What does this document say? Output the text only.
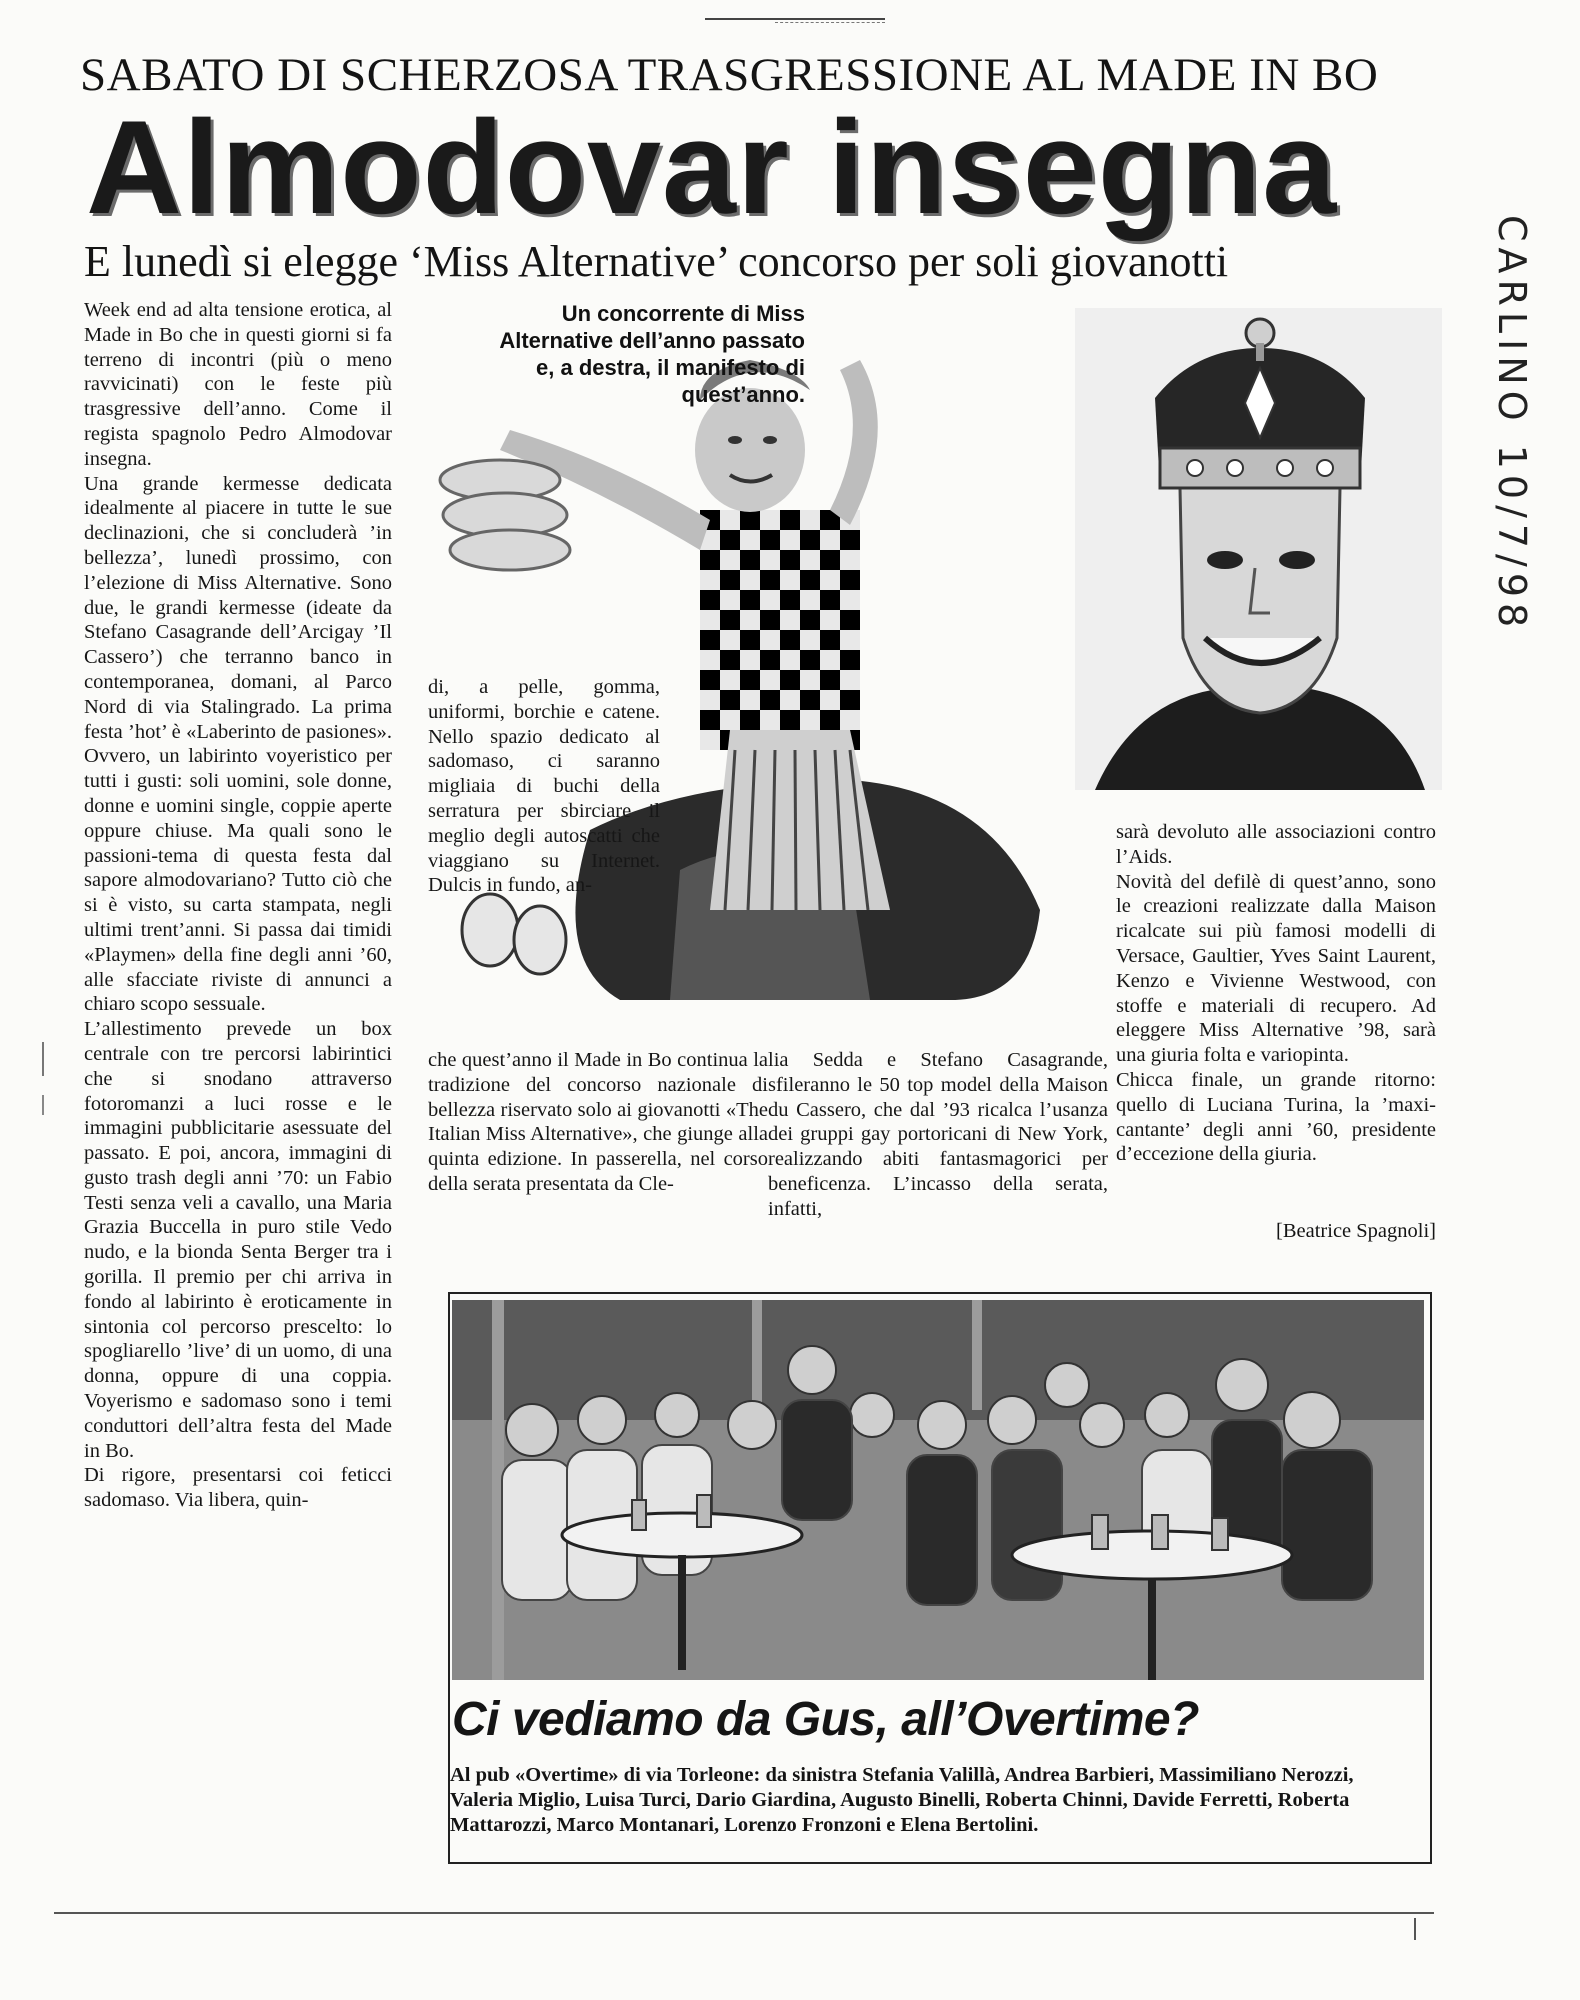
SABATO DI SCHERZOSA TRASGRESSIONE AL MADE IN BO
Almodovar insegna
E lunedì si elegge ‘Miss Alternative’ concorso per soli giovanotti	CARLINO 10/7/98

Week end ad alta tensione erotica, al Made in Bo che in questi giorni si fa terreno di incontri (più o meno ravvicinati) con le feste più trasgressive dell’anno. Come il regista spagnolo Pedro Almodovar insegna.

Una grande kermesse dedicata idealmente al piacere in tutte le sue declinazioni, che si concluderà ’in bellezza’, lunedì prossimo, con l’elezione di Miss Alternative. Sono due, le grandi kermesse (ideate da Stefano Casagrande dell’Arcigay ’Il Cassero’) che terranno banco in contemporanea, domani, al Parco Nord di via Stalingrado. La prima festa ’hot’ è «Laberinto de pasiones». Ovvero, un labirinto voyeristico per tutti i gusti: soli uomini, sole donne, donne e uomini single, coppie aperte oppure chiuse. Ma quali sono le passioni-tema di questa festa dal sapore almodovariano? Tutto ciò che si è visto, su carta stampata, negli ultimi trent’anni. Si passa dai timidi «Playmen» della fine degli anni ’60, alle sfacciate riviste di annunci a chiaro scopo sessuale.

L’allestimento prevede un box centrale con tre percorsi labirintici che si snodano attraverso fotoromanzi a luci rosse e le immagini pubblicitarie asessuate del passato. E poi, ancora, immagini di gusto trash degli anni ’70: un Fabio Testi senza veli a cavallo, una Maria Grazia Buccella in puro stile Vedo nudo, e la bionda Senta Berger tra i gorilla. Il premio per chi arriva in fondo al labirinto è eroticamente in sintonia col percorso prescelto: lo spogliarello ’live’ di un uomo, di una donna, oppure di una coppia. Voyerismo e sadomaso sono i temi conduttori dell’altra festa del Made in Bo.

Di rigore, presentarsi coi feticci sadomaso. Via libera, quin-

Un concorrente di Miss Alternative dell’anno passato e, a destra, il manifesto di quest’anno.

di, a pelle, gomma, uniformi, borchie e catene. Nello spazio dedicato al sadomaso, ci saranno migliaia di buchi della serratura per sbirciare il meglio degli autoscatti che viaggiano su Internet. Dulcis in fundo, an-

che quest’anno il Made in Bo continua la tradizione del concorso nazionale di bellezza riservato solo ai giovanotti «The Italian Miss Alternative», che giunge alla quinta edizione. In passerella, nel corso della serata presentata da Cle-

lia Sedda e Stefano Casagrande, sfileranno le 50 top model della Maison du Cassero, che dal ’93 ricalca l’usanza dei gruppi gay portoricani di New York, realizzando abiti fantasmagorici per beneficenza. L’incasso della serata, infatti,

sarà devoluto alle associazioni contro l’Aids.

Novità del defilè di quest’anno, sono le creazioni realizzate dalla Maison ricalcate sui più famosi modelli di Versace, Gaultier, Yves Saint Laurent, Kenzo e Vivienne Westwood, con stoffe e materiali di recupero. Ad eleggere Miss Alternative ’98, sarà una giuria folta e variopinta.

Chicca finale, un grande ritorno: quello di Luciana Turina, la ’maxi-cantante’ degli anni ’60, presidente d’eccezione della giuria.

[Beatrice Spagnoli]
Ci vediamo da Gus, all’Overtime?
Al pub «Overtime» di via Torleone: da sinistra Stefania Valillà, Andrea Barbieri, Massimiliano Nerozzi, Valeria Miglio, Luisa Turci, Dario Giardina, Augusto Binelli, Roberta Chinni, Davide Ferretti, Roberta Mattarozzi, Marco Montanari, Lorenzo Fronzoni e Elena Bertolini.
